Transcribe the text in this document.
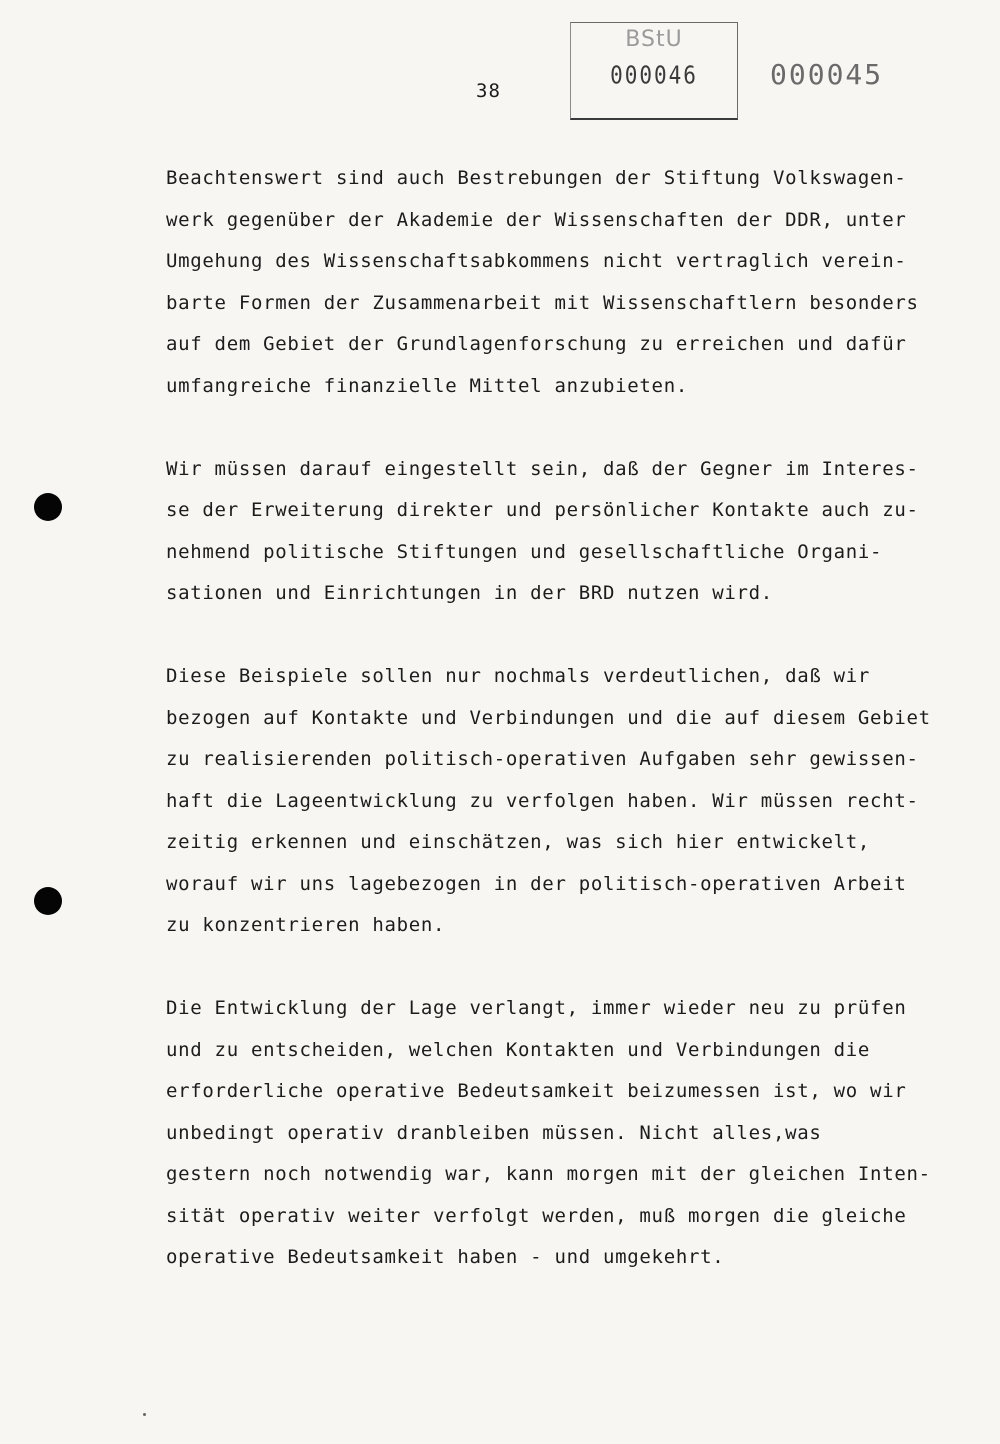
38
BStU
000046	000045

Beachtenswert sind auch Bestrebungen der Stiftung Volkswagen-
werk gegenüber der Akademie der Wissenschaften der DDR, unter
Umgehung des Wissenschaftsabkommens nicht vertraglich verein-
barte Formen der Zusammenarbeit mit Wissenschaftlern besonders
auf dem Gebiet der Grundlagenforschung zu erreichen und dafür
umfangreiche finanzielle Mittel anzubieten.

Wir müssen darauf eingestellt sein, daß der Gegner im Interes-
se der Erweiterung direkter und persönlicher Kontakte auch zu-
nehmend politische Stiftungen und gesellschaftliche Organi-
sationen und Einrichtungen in der BRD nutzen wird.

Diese Beispiele sollen nur nochmals verdeutlichen, daß wir
bezogen auf Kontakte und Verbindungen und die auf diesem Gebiet
zu realisierenden politisch-operativen Aufgaben sehr gewissen-
haft die Lageentwicklung zu verfolgen haben. Wir müssen recht-
zeitig erkennen und einschätzen, was sich hier entwickelt,
worauf wir uns lagebezogen in der politisch-operativen Arbeit
zu konzentrieren haben.

Die Entwicklung der Lage verlangt, immer wieder neu zu prüfen
und zu entscheiden, welchen Kontakten und Verbindungen die
erforderliche operative Bedeutsamkeit beizumessen ist, wo wir
unbedingt operativ dranbleiben müssen. Nicht alles,was
gestern noch notwendig war, kann morgen mit der gleichen Inten-
sität operativ weiter verfolgt werden, muß morgen die gleiche
operative Bedeutsamkeit haben - und umgekehrt.
